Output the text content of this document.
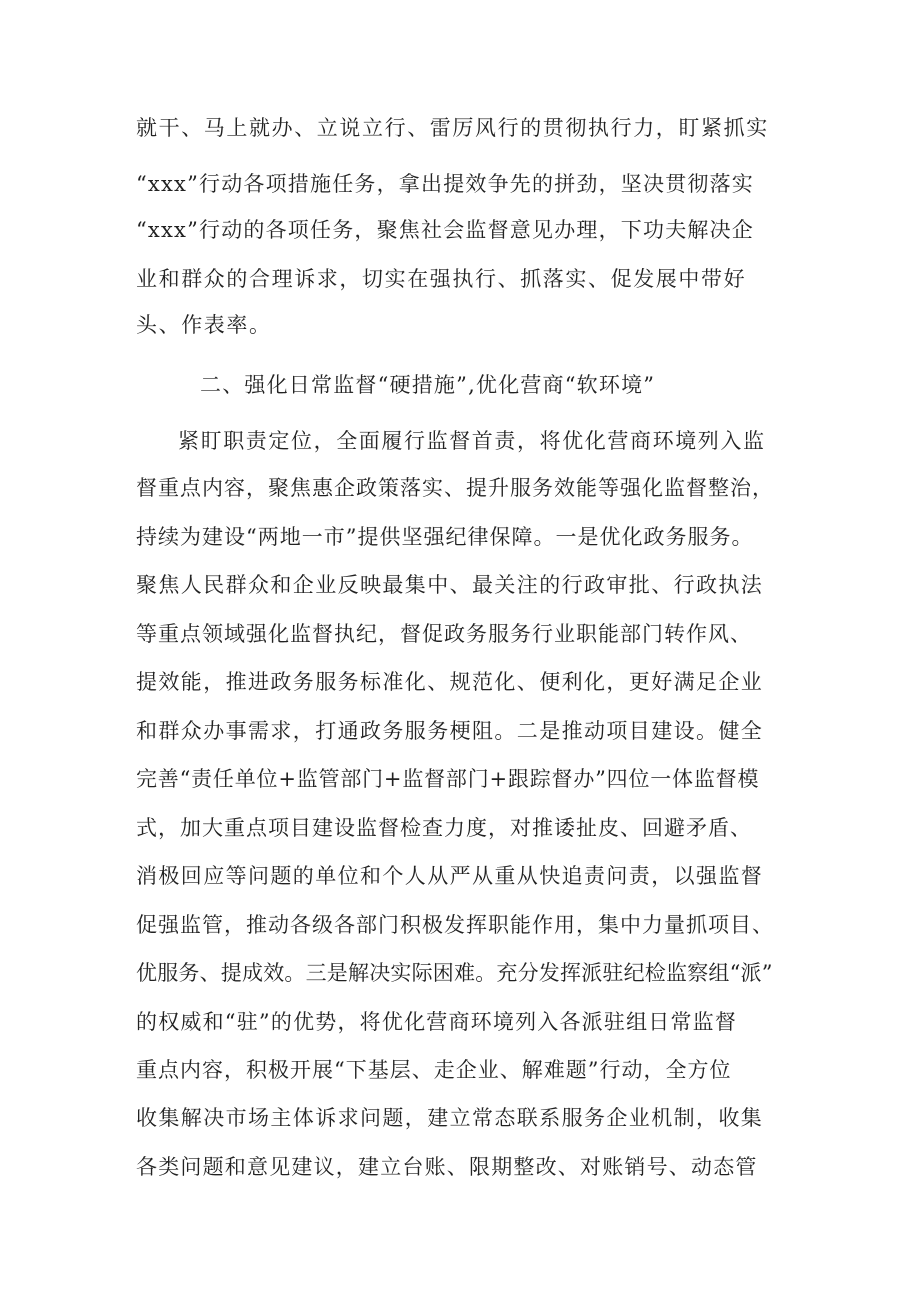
就干、马上就办、立说立行、雷厉风行的贯彻执行力，盯紧抓实
“xxx”行动各项措施任务，拿出提效争先的拼劲，坚决贯彻落实
“xxx”行动的各项任务，聚焦社会监督意见办理，下功夫解决企
业和群众的合理诉求，切实在强执行、抓落实、促发展中带好
头、作表率。
二、强化日常监督“硬措施”,优化营商“软环境”
紧盯职责定位，全面履行监督首责，将优化营商环境列入监
督重点内容，聚焦惠企政策落实、提升服务效能等强化监督整治，
持续为建设“两地一市”提供坚强纪律保障。一是优化政务服务。
聚焦人民群众和企业反映最集中、最关注的行政审批、行政执法
等重点领域强化监督执纪，督促政务服务行业职能部门转作风、
提效能，推进政务服务标准化、规范化、便利化，更好满足企业
和群众办事需求，打通政务服务梗阻。二是推动项目建设。健全
完善“责任单位+监管部门+监督部门+跟踪督办”四位一体监督模
式，加大重点项目建设监督检查力度，对推诿扯皮、回避矛盾、
消极回应等问题的单位和个人从严从重从快追责问责，以强监督
促强监管，推动各级各部门积极发挥职能作用，集中力量抓项目、
优服务、提成效。三是解决实际困难。充分发挥派驻纪检监察组“派”
的权威和“驻”的优势，将优化营商环境列入各派驻组日常监督
重点内容，积极开展“下基层、走企业、解难题”行动，全方位
收集解决市场主体诉求问题，建立常态联系服务企业机制，收集
各类问题和意见建议，建立台账、限期整改、对账销号、动态管
